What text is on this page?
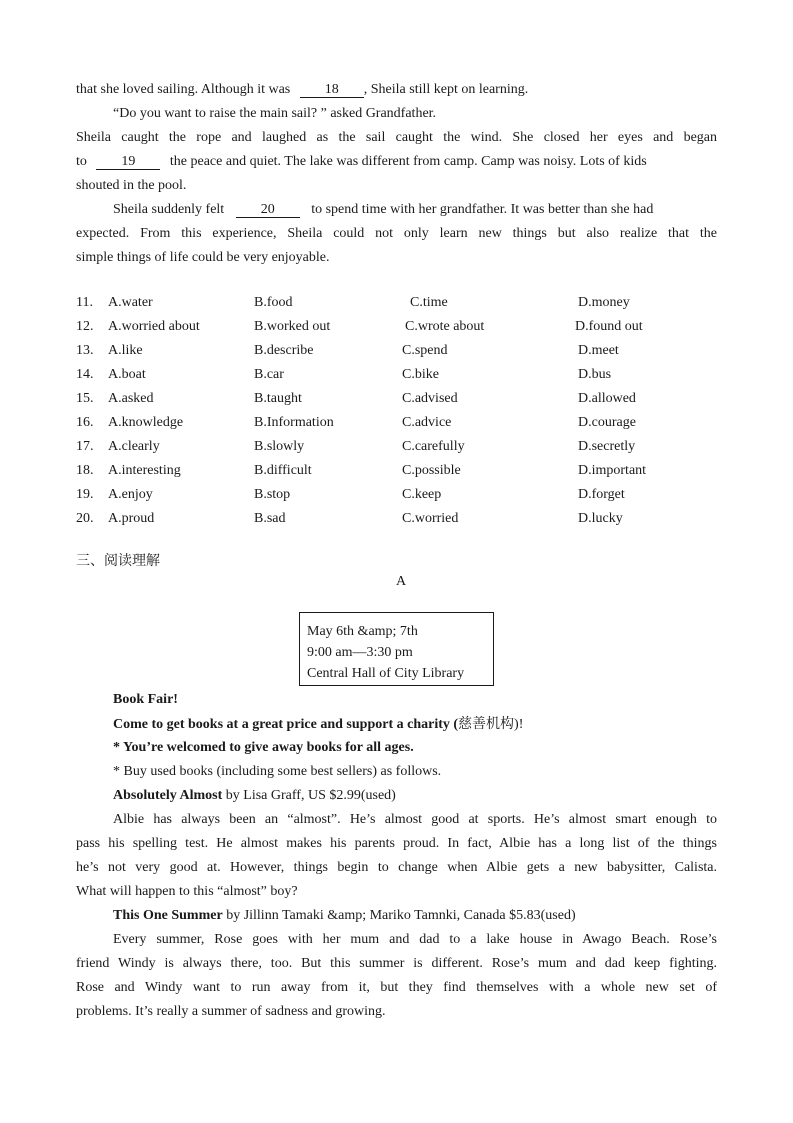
that she loved sailing. Although it was 18 , Sheila still kept on learning.
“Do you want to raise the main sail? ” asked Grandfather.
Sheila caught the rope and laughed as the sail caught the wind. She closed her eyes and began
to 19 the peace and quiet. The lake was different from camp. Camp was noisy. Lots of kids
shouted in the pool.
Sheila suddenly felt	20	to spend time with her grandfather. It was better than she had
expected. From this experience, Sheila could not only learn new things but also realize that the
simple things of life could be very enjoyable.
11. A.water	B.food	C.time	D.money
12. A.worried about	B.worked out	C.wrote about	D.found out
13. A.like	B.describe	C.spend	D.meet
14. A.boat	B.car	C.bike	D.bus
15. A.asked	B.taught	C.advised	D.allowed
16. A.knowledge	B.Information	C.advice	D.courage
17. A.clearly	B.slowly	C.carefully	D.secretly
18. A.interesting	B.difficult	C.possible	D.important
19. A.enjoy	B.stop	C.keep	D.forget
20. A.proud	B.sad	C.worried	D.lucky
三、阅读理解
A
May 6th &amp; 7th
9:00 am—3:30 pm
Central Hall of City Library
Book Fair!
Come to get books at a great price and support a charity (慈善机构)!
* You’re welcomed to give away books for all ages.
* Buy used books (including some best sellers) as follows.
Absolutely Almost by Lisa Graff, US $2.99(used)
Albie has always been an “almost”. He’s almost good at sports. He’s almost smart enough to
pass his spelling test. He almost makes his parents proud. In fact, Albie has a long list of the things
he’s not very good at. However, things begin to change when Albie gets a new babysitter, Calista.
What will happen to this “almost” boy?
This One Summer by Jillinn Tamaki &amp; Mariko Tamnki, Canada $5.83(used)
Every summer, Rose goes with her mum and dad to a lake house in Awago Beach. Rose’s
friend Windy is always there, too. But this summer is different. Rose’s mum and dad keep fighting.
Rose and Windy want to run away from it, but they find themselves with a whole new set of
problems. It’s really a summer of sadness and growing.
